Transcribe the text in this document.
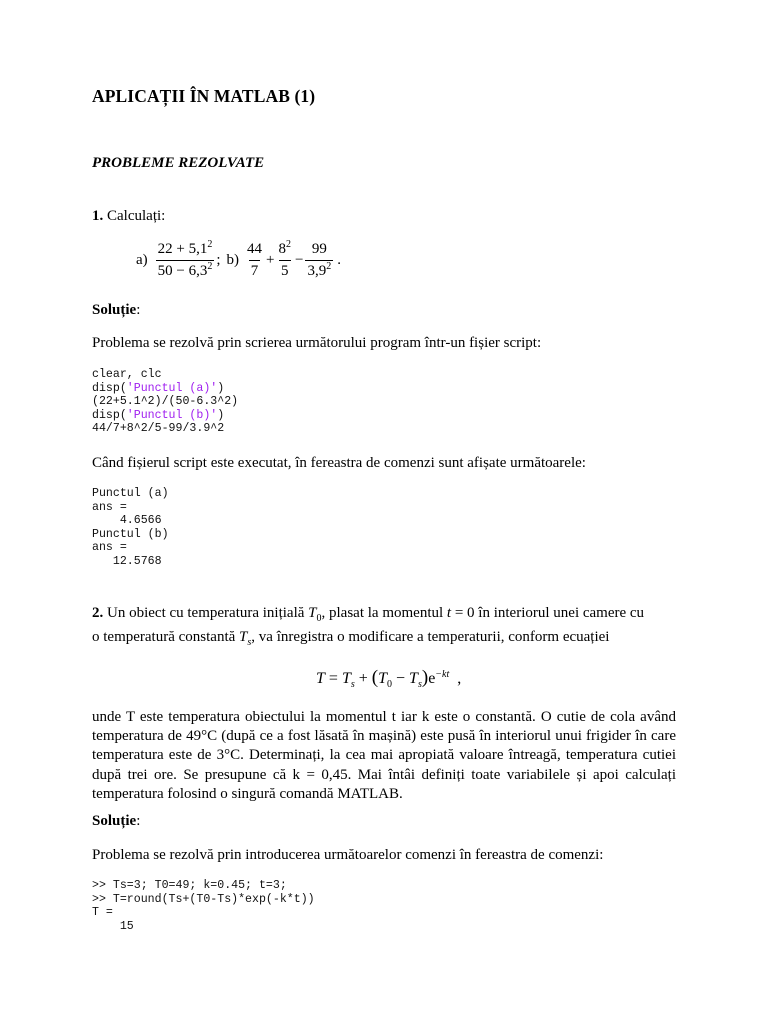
APLICAȚII ÎN MATLAB (1)
PROBLEME REZOLVATE
1. Calculați:
$a) \frac{22 + 5,1^2}{50 - 6,3^2}$ ; $b) \frac{44}{7} + \frac{8^2}{5} - \frac{99}{3,9^2}$ .
Soluție:
Problema se rezolvă prin scrierea următorului program într-un fișier script:
clear, clc
disp('Punctul (a)')
(22+5.1^2)/(50-6.3^2)
disp('Punctul (b)')
44/7+8^2/5-99/3.9^2
Când fișierul script este executat, în fereastra de comenzi sunt afișate următoarele:
Punctul (a)
ans =
4.6566
Punctul (b)
ans =
12.5768
2. Un obiect cu temperatura inițială $T_0$, plasat la momentul t = 0 în interiorul unei camere cu
o temperatură constantă $T_s$, va înregistra o modificare a temperaturii, conform ecuației
$T = T_s + (T_0 - T_s)e^{-kt}$ ,
unde T este temperatura obiectului la momentul t iar k este o constantă. O cutie de cola având temperatura de 49°C (după ce a fost lăsată în mașină) este pusă în interiorul unui frigider în care temperatura este de 3°C. Determinați, la cea mai apropiată valoare întreagă, temperatura cutiei după trei ore. Se presupune că k = 0,45. Mai întâi definiți toate variabilele și apoi calculați temperatura folosind o singură comandă MATLAB.
Soluție:
Problema se rezolvă prin introducerea următoarelor comenzi în fereastra de comenzi:
>> Ts=3; T0=49; k=0.45; t=3;
>> T=round(Ts+(T0-Ts)*exp(-k*t))
T =
15
